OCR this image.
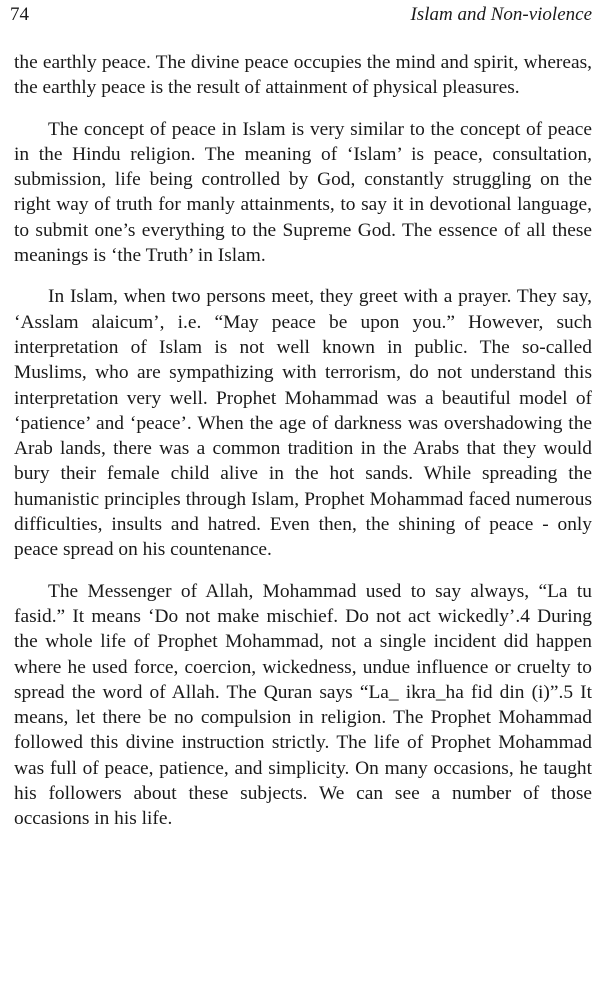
74	Islam and Non-violence

the earthly peace. The divine peace occupies the mind and spirit, whereas, the earthly peace is the result of attainment of physical pleasures.

The concept of peace in Islam is very similar to the concept of peace in the Hindu religion. The meaning of ‘Islam’ is peace, consultation, submission, life being controlled by God, constantly struggling on the right way of truth for manly attainments, to say it in devotional language, to submit one’s everything to the Supreme God. The essence of all these meanings is ‘the Truth’ in Islam.

In Islam, when two persons meet, they greet with a prayer. They say, ‘Asslam alaicum’, i.e. “May peace be upon you.” However, such interpretation of Islam is not well known in public. The so-called Muslims, who are sympathizing with terrorism, do not understand this interpretation very well. Prophet Mohammad was a beautiful model of ‘patience’ and ‘peace’. When the age of darkness was overshadowing the Arab lands, there was a common tradition in the Arabs that they would bury their female child alive in the hot sands. While spreading the humanistic principles through Islam, Prophet Mohammad faced numerous difficulties, insults and hatred. Even then, the shining of peace - only peace spread on his countenance.

The Messenger of Allah, Mohammad used to say always, “La tu fasid.” It means ‘Do not make mischief. Do not act wickedly’.4 During the whole life of Prophet Mohammad, not a single incident did happen where he used force, coercion, wickedness, undue influence or cruelty to spread the word of Allah. The Quran says “La_ ikra_ha fid din (i)”.5 It means, let there be no compulsion in religion. The Prophet Mohammad followed this divine instruction strictly. The life of Prophet Mohammad was full of peace, patience, and simplicity. On many occasions, he taught his followers about these subjects. We can see a number of those occasions in his life.
